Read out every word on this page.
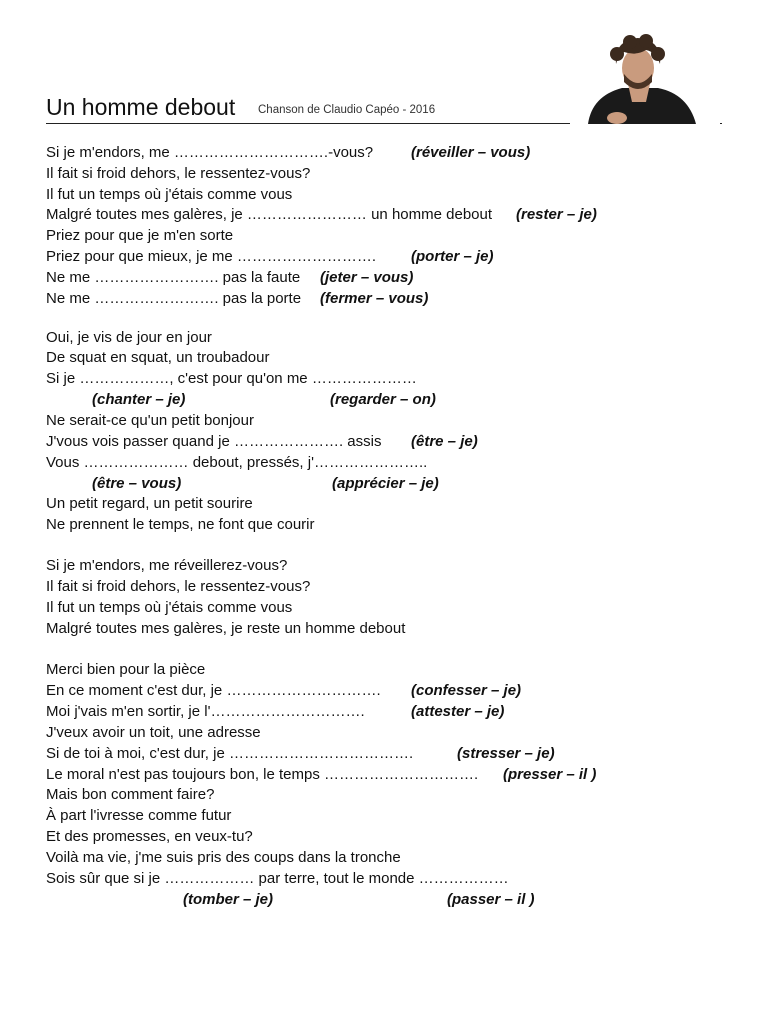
Un homme debout Chanson de Claudio Capéo - 2016
Si je m'endors, me ………………………….-vous?	(réveiller – vous)
Il fait si froid dehors, le ressentez-vous?
Il fut un temps où j'étais comme vous
Malgré toutes mes galères, je …………………… un homme debout (rester – je)
Priez pour que je m'en sorte
Priez pour que mieux, je me ………………………. (porter – je)
Ne me ……………………. pas la faute (jeter – vous)
Ne me ……………………. pas la porte (fermer – vous)
Oui, je vis de jour en jour
De squat en squat, un troubadour
Si je ………………, c'est pour qu'on me …………………
(chanter – je)	(regarder – on)
Ne serait-ce qu'un petit bonjour
J'vous vois passer quand je …………………. assis (être – je)
Vous ………………… debout, pressés, j'…………………..
(être – vous)	(apprécier – je)
Un petit regard, un petit sourire
Ne prennent le temps, ne font que courir
Si je m'endors, me réveillerez-vous?
Il fait si froid dehors, le ressentez-vous?
Il fut un temps où j'étais comme vous
Malgré toutes mes galères, je reste un homme debout
Merci bien pour la pièce
En ce moment c'est dur, je …………………………. (confesser – je)
Moi j'vais m'en sortir, je l'………………………….	(attester – je)
J'veux avoir un toit, une adresse
Si de toi à moi, c'est dur, je ……………………………….	(stresser – je)
Le moral n'est pas toujours bon, le temps …………………………. (presser – il )
Mais bon comment faire?
À part l'ivresse comme futur
Et des promesses, en veux-tu?
Voilà ma vie, j'me suis pris des coups dans la tronche
Sois sûr que si je ……………… par terre, tout le monde ………………
(tomber – je)	(passer – il )
